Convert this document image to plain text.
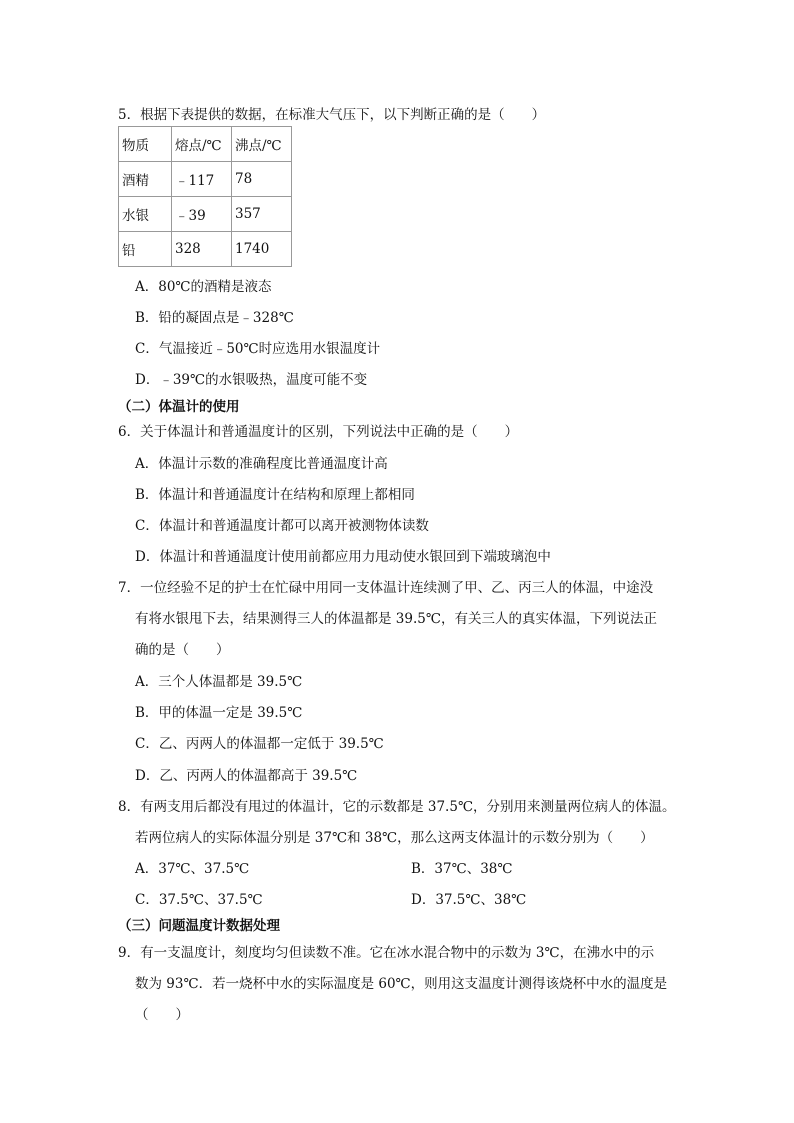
5．根据下表提供的数据，在标准大气压下，以下判断正确的是（　　）
物质	熔点/℃	沸点/℃
酒精	﹣117	78
水银	﹣39	357
铅	328	1740
A．80℃的酒精是液态
B．铅的凝固点是﹣328℃
C．气温接近﹣50℃时应选用水银温度计
D．﹣39℃的水银吸热，温度可能不变
（二）体温计的使用
6．关于体温计和普通温度计的区别，下列说法中正确的是（　　）
A．体温计示数的准确程度比普通温度计高
B．体温计和普通温度计在结构和原理上都相同
C．体温计和普通温度计都可以离开被测物体读数
D．体温计和普通温度计使用前都应用力甩动使水银回到下端玻璃泡中
7．一位经验不足的护士在忙碌中用同一支体温计连续测了甲、乙、丙三人的体温，中途没
有将水银甩下去，结果测得三人的体温都是 39.5℃，有关三人的真实体温，下列说法正
确的是（　　）
A．三个人体温都是 39.5℃
B．甲的体温一定是 39.5℃
C．乙、丙两人的体温都一定低于 39.5℃
D．乙、丙两人的体温都高于 39.5℃
8．有两支用后都没有甩过的体温计，它的示数都是 37.5℃，分别用来测量两位病人的体温。
若两位病人的实际体温分别是 37℃和 38℃，那么这两支体温计的示数分别为（　　）
A．37℃、37.5℃	B．37℃、38℃
C．37.5℃、37.5℃	D．37.5℃、38℃
（三）问题温度计数据处理
9．有一支温度计，刻度均匀但读数不准。它在冰水混合物中的示数为 3℃，在沸水中的示
数为 93℃．若一烧杯中水的实际温度是 60℃，则用这支温度计测得该烧杯中水的温度是
（　　）
